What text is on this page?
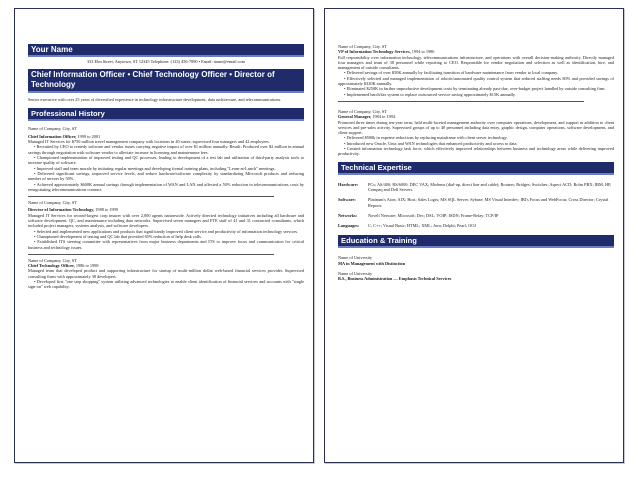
Your Name

333 Elm Street, Anytown, ST 12345 Telephone: (123) 456-7890 • Email: name@email.com

Chief Information Officer • Chief Technology Officer • Director of Technology

Senior executive with over 25 years of diversified experience in technology infrastructure development, data architecture, and telecommunications.

Professional History

Name of Company, City, ST

Chief Information Officer, 1999 to 2001

Managed IT Services for $750 million travel management company with locations in 40 states; supervised four managers and 42 employees.

• Recruited by CEO to remedy software and vendor issues carrying negative impact of over $1 million annually. Result: Produced over $2 million in annual savings through negotiation with software vendor to alleviate increase in licensing and maintenance fees.

• Championed implementation of improved testing and QC processes, leading to development of a test lab and utilization of third-party analysis tools to increase quality of software.

• Improved staff and team morale by initiating regular meetings and developing formal training plans, including "Learn-at-Lunch" meetings.

• Delivered significant savings, improved service levels, and reduce hardware/software complexity by standardizing Microsoft products and reducing number of servers by 50%.

• Achieved approximately $600K annual savings through implementation of WAN and LAN and affected a 50% reduction in telecommunications costs by renegotiating telecommunications contract.

Name of Company, City, ST

Director of Information Technology, 1988 to 1999

Managed IT Services for second-largest corp insurer with over 2,000 agents nationwide. Actively directed technology initiatives including all hardware and software development, QC, and maintenance including data networks. Supervised seven managers and FTE staff of 41 and 31 contracted consultants, which included project managers, systems analysts, and software developers.

• Selected and implemented new applications and products that significantly improved client service and productivity of information technology services.

• Championed development of testing and QC lab that provided 65% reduction of help desk calls.

• Established ITS steering committee with representatives from major business departments and ITS to improve focus and communication for critical business and technology issues.

Name of Company, City, ST

Chief Technology Officer, 1986 to 1988

Managed team that developed product and supporting infrastructure for startup of multi-million dollar web-based financial services provider. Supervised consulting firms with approximately 38 developers.

• Developed first "one stop shopping" system utilizing advanced technologies to enable client identification of financial services and accounts with "single sign-on" web capability.

Name of Company, City, ST

VP of Information Technology Services, 1994 to 1986

Full responsibility over information technology, telecommunications infrastructure, and operations with overall decision-making authority. Directly managed four managers and team of 38 personnel while reporting to CEO. Responsible for vendor negotiation and selection as well as identification, hire, and management of outside consultants.

• Delivered savings of over $50K annually by facilitating transition of hardware maintenance from vendor to local company.

• Effectively selected and managed implementation of robotic/automated quality control system that reduced staffing needs 80% and provided savings of approximately $320K annually.

• Eliminated $250K in further unproductive development costs by terminating already past-due, over-budget project handled by outside consulting firm.

• Implemented batch/fax system to replace outsourced service saving approximately $15K annually.

Name of Company, City, ST

General Manager, 1984 to 1994

Promoted three times during ten-year term; held multi-faceted management authority over computer operations, development, and support in addition to client services and pre-sales activity. Supervised groups of up to 40 personnel including data entry, graphic design, computer operations, software development, and client support.

• Delivered $500k in expense reductions by replacing mainframe with client server technology.

• Introduced new Oracle, Unix and WAN technologies that enhanced productivity and access to data.

• Created information technology task force, which effectively improved relationships between business and technology areas while delivering improved productivity.

Technical Expertise
Hardware:	PCs; AS/400; RS/6000; DEC VAX; Modems (dial-up, direct line and cable); Routers; Bridges; Switches; Aspect ACD; Rolm PBX; IBM, HP, Compaq and Dell Servers.
Software:	Platinum's Aion; AIX; Host; Sales Logix; MS SQL Server; Sybase; MS Visual Interdev; IBI's Focus and WebFocus; Cross Director; Crystal Reports
Networks:	Novell Netware; Microsoft; Dec; DSL; VOIP; ISDN; Frame-Relay; TCP/IP
Languages:	C; C++; Visual Basic; HTML; XML; Java; Delphi; Pearl; OOJ
Education & Training

Name of University

MA in Management with Distinction

Name of University

B.S., Business Administration — Emphasis Technical Services
